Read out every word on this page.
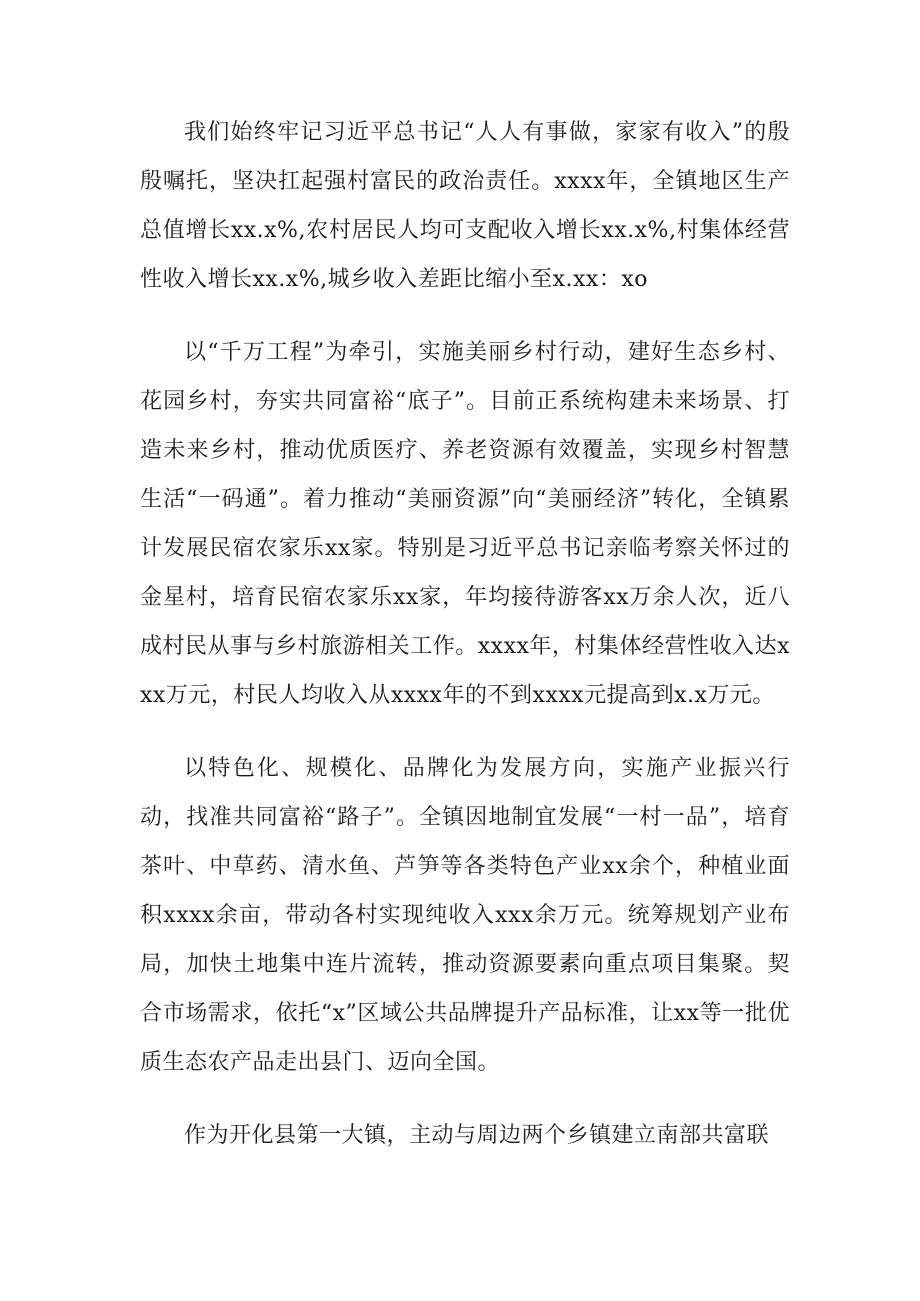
我们始终牢记习近平总书记“人人有事做，家家有收入”的殷殷嘱托，坚决扛起强村富民的政治责任。xxxx年，全镇地区生产总值增长xx.x%,农村居民人均可支配收入增长xx.x%,村集体经营性收入增长xx.x%,城乡收入差距比缩小至x.xx：xo

以“千万工程”为牵引，实施美丽乡村行动，建好生态乡村、花园乡村，夯实共同富裕“底子”。目前正系统构建未来场景、打造未来乡村，推动优质医疗、养老资源有效覆盖，实现乡村智慧生活“一码通”。着力推动“美丽资源”向“美丽经济”转化，全镇累计发展民宿农家乐xx家。特别是习近平总书记亲临考察关怀过的金星村，培育民宿农家乐xx家，年均接待游客xx万余人次，近八成村民从事与乡村旅游相关工作。xxxx年，村集体经营性收入达xxx万元，村民人均收入从xxxx年的不到xxxx元提高到x.x万元。

以特色化、规模化、品牌化为发展方向，实施产业振兴行动，找准共同富裕“路子”。全镇因地制宜发展“一村一品”，培育茶叶、中草药、清水鱼、芦笋等各类特色产业xx余个，种植业面积xxxx余亩，带动各村实现纯收入xxx余万元。统筹规划产业布局，加快土地集中连片流转，推动资源要素向重点项目集聚。契合市场需求，依托“x”区域公共品牌提升产品标准，让xx等一批优质生态农产品走出县门、迈向全国。

作为开化县第一大镇，主动与周边两个乡镇建立南部共富联
